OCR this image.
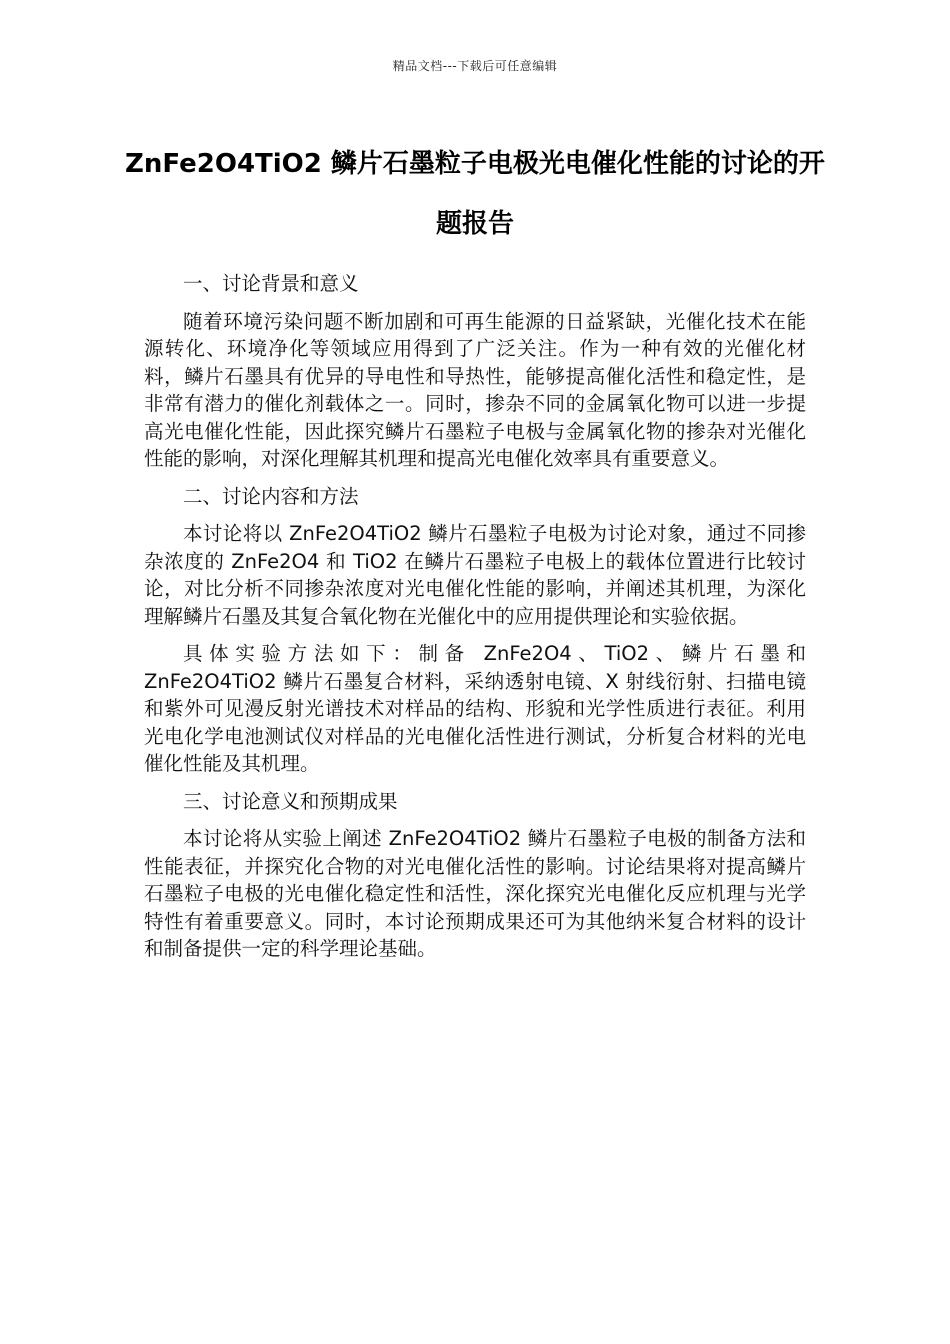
精品文档---下载后可任意编辑
ZnFe2O4TiO2 鳞片石墨粒子电极光电催化性能的讨论的开题报告

一、讨论背景和意义

随着环境污染问题不断加剧和可再生能源的日益紧缺，光催化技术在能源转化、环境净化等领域应用得到了广泛关注。作为一种有效的光催化材料，鳞片石墨具有优异的导电性和导热性，能够提高催化活性和稳定性，是非常有潜力的催化剂载体之一。同时，掺杂不同的金属氧化物可以进一步提高光电催化性能，因此探究鳞片石墨粒子电极与金属氧化物的掺杂对光催化性能的影响，对深化理解其机理和提高光电催化效率具有重要意义。

二、讨论内容和方法

本讨论将以 ZnFe2O4TiO2 鳞片石墨粒子电极为讨论对象，通过不同掺杂浓度的 ZnFe2O4 和 TiO2 在鳞片石墨粒子电极上的载体位置进行比较讨论，对比分析不同掺杂浓度对光电催化性能的影响，并阐述其机理，为深化理解鳞片石墨及其复合氧化物在光催化中的应用提供理论和实验依据。

具体实验方法如下：制备 ZnFe2O4、TiO2、鳞片石墨和 ZnFe2O4TiO2 鳞片石墨复合材料，采纳透射电镜、X 射线衍射、扫描电镜和紫外可见漫反射光谱技术对样品的结构、形貌和光学性质进行表征。利用光电化学电池测试仪对样品的光电催化活性进行测试，分析复合材料的光电催化性能及其机理。

三、讨论意义和预期成果

本讨论将从实验上阐述 ZnFe2O4TiO2 鳞片石墨粒子电极的制备方法和性能表征，并探究化合物的对光电催化活性的影响。讨论结果将对提高鳞片石墨粒子电极的光电催化稳定性和活性，深化探究光电催化反应机理与光学特性有着重要意义。同时，本讨论预期成果还可为其他纳米复合材料的设计和制备提供一定的科学理论基础。
